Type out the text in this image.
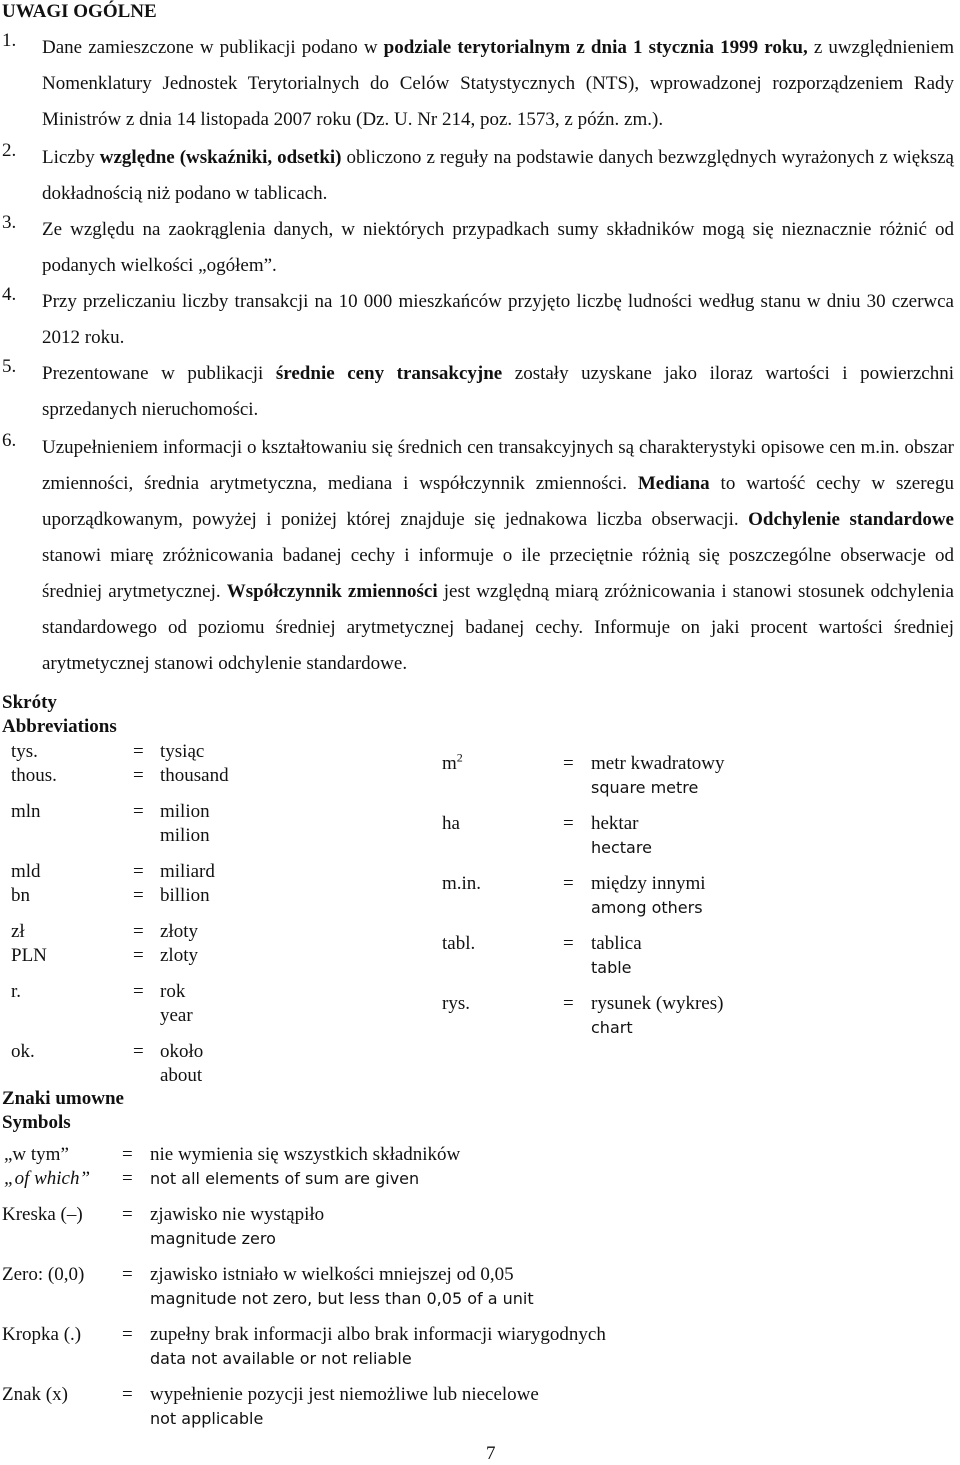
UWAGI OGÓLNE
1. Dane zamieszczone w publikacji podano w podziale terytorialnym z dnia 1 stycznia 1999 roku, z uwzględnieniem Nomenklatury Jednostek Terytorialnych do Celów Statystycznych (NTS), wprowadzonej rozporządzeniem Rady Ministrów z dnia 14 listopada 2007 roku (Dz. U. Nr 214, poz. 1573, z późn. zm.).
2. Liczby względne (wskaźniki, odsetki) obliczono z reguły na podstawie danych bezwzględnych wyrażonych z większą dokładnością niż podano w tablicach.
3. Ze względu na zaokrąglenia danych, w niektórych przypadkach sumy składników mogą się nieznacznie różnić od podanych wielkości „ogółem”.
4. Przy przeliczaniu liczby transakcji na 10 000 mieszkańców przyjęto liczbę ludności według stanu w dniu 30 czerwca 2012 roku.
5. Prezentowane w publikacji średnie ceny transakcyjne zostały uzyskane jako iloraz wartości i powierzchni sprzedanych nieruchomości.
6. Uzupełnieniem informacji o kształtowaniu się średnich cen transakcyjnych są charakterystyki opisowe cen m.in. obszar zmienności, średnia arytmetyczna, mediana i współczynnik zmienności. Mediana to wartość cechy w szeregu uporządkowanym, powyżej i poniżej której znajduje się jednakowa liczba obserwacji. Odchylenie standardowe stanowi miarę zróżnicowania badanej cechy i informuje o ile przeciętnie różnią się poszczególne obserwacje od średniej arytmetycznej. Współczynnik zmienności jest względną miarą zróżnicowania i stanowi stosunek odchylenia standardowego od poziomu średniej arytmetycznej badanej cechy. Informuje on jaki procent wartości średniej arytmetycznej stanowi odchylenie standardowe.
Skróty
Abbreviations
tys.	= tysiąc
thous.	= thousand
mln	= milion
milion
mld	= miliard
bn	= billion
zł	= złoty
PLN	= zloty
r.	= rok
year
ok.	= około
about
$m^2$	= metr kwadratowy
square metre
ha	= hektar
hectare
m.in.	= między innymi
among others
tabl.	= tablica
table
rys.	= rysunek (wykres)
chart
Znaki umowne
Symbols
„w tym”	= nie wymienia się wszystkich składników
„of which” = not all elements of sum are given
Kreska (–) = zjawisko nie wystąpiło
magnitude zero
Zero: (0,0) = zjawisko istniało w wielkości mniejszej od 0,05
magnitude not zero, but less than 0,05 of a unit
Kropka (.) = zupełny brak informacji albo brak informacji wiarygodnych
data not available or not reliable
Znak (x)	= wypełnienie pozycji jest niemożliwe lub niecelowe
not applicable
7
